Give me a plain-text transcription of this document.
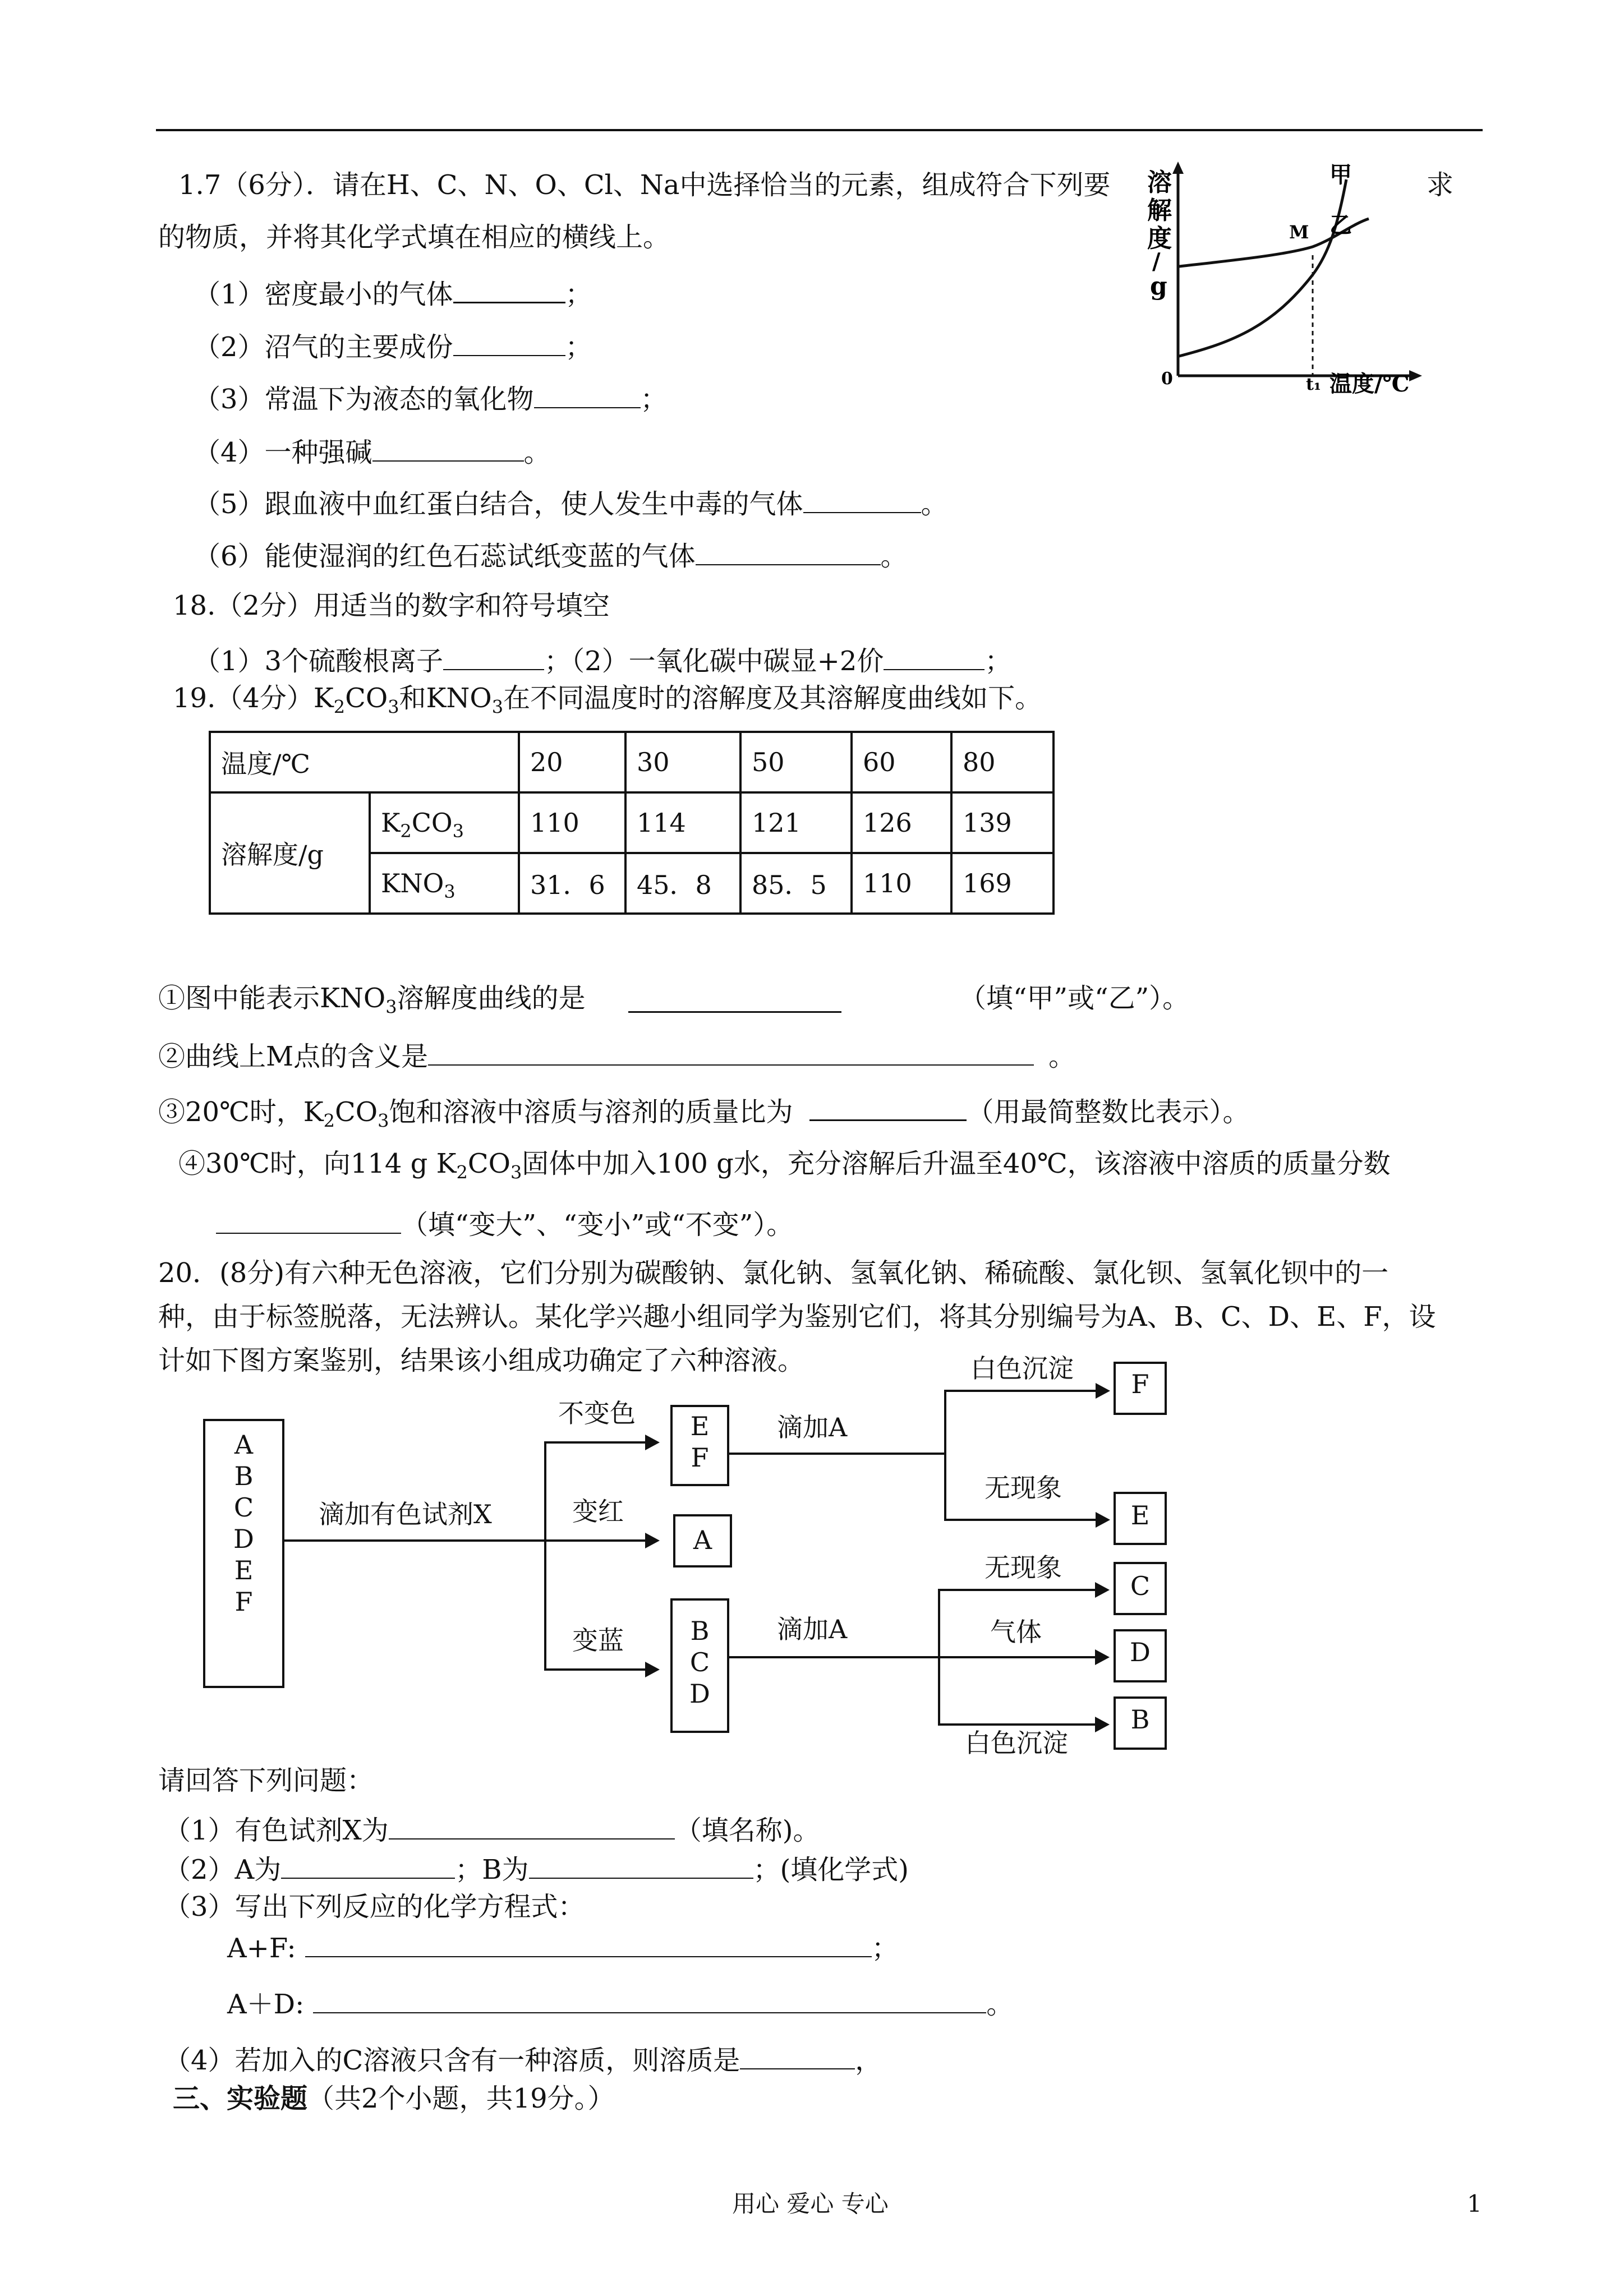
1.7（6分）．请在H、C、N、O、Cl、Na中选择恰当的元素，组成符合下列要	求
的物质，并将其化学式填在相应的横线上。
（1）密度最小的气体	；
（2）沼气的主要成份	；
（3）常温下为液态的氧化物	；
（4）一种强碱	。
（5）跟血液中血红蛋白结合，使人发生中毒的气体	。
（6）能使湿润的红色石蕊试纸变蓝的气体	。
溶
解
度
/
g
甲
M 乙
0	t₁ 温度/℃
18.（2分）用适当的数字和符号填空
（1）3个硫酸根离子	；（2）一氧化碳中碳显+2价	；
19.（4分）$K_2CO_3$和$KNO_3$在不同温度时的溶解度及其溶解度曲线如下。
温度/℃		20	30	50	60	80
溶解度/g	$K_2CO_3$	110	114	121	126	139
	$KNO_3$	31．6	45．8	85．5	110	169
①图中能表示$KNO_3$溶解度曲线的是	（填“甲”或“乙”）。
②曲线上M点的含义是	。
③20℃时，$K_2CO_3$饱和溶液中溶质与溶剂的质量比为	（用最简整数比表示）。
④30℃时，向114 g $K_2CO_3$固体中加入100 g水，充分溶解后升温至40℃，该溶液中溶质的质量分数
（填“变大”、“变小”或“不变”）。
20．(8分)有六种无色溶液，它们分别为碳酸钠、氯化钠、氢氧化钠、稀硫酸、氯化钡、氢氧化钡中的一
种，由于标签脱落，无法辨认。某化学兴趣小组同学为鉴别它们，将其分别编号为A、B、C、D、E、F，设
计如下图方案鉴别，结果该小组成功确定了六种溶液。
A
B
C
D
E
F
滴加有色试剂X
不变色
变红
变蓝
E
F
A
B
C
D
滴加A
白色沉淀
无现象
F
E
滴加A
无现象
气体
白色沉淀
C
D
B
请回答下列问题：
（1）有色试剂X为	（填名称)。
（2）A为	；B为	；(填化学式)
（3）写出下列反应的化学方程式：
A+F:	；
A＋D:	。
（4）若加入的C溶液只含有一种溶质，则溶质是	，
三、实验题（共2个小题，共19分。）
用心 爱心 专心	1
